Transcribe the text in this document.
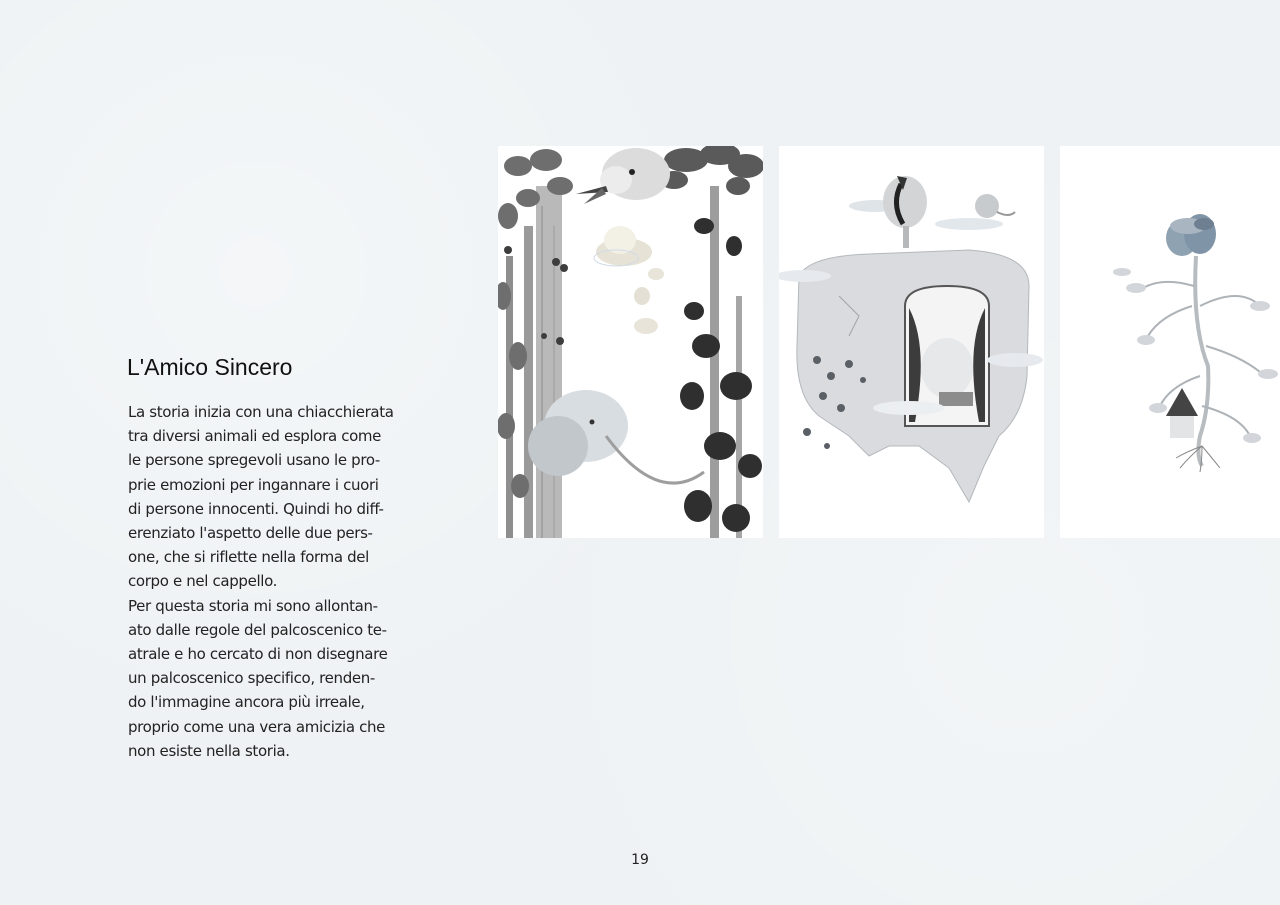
L'Amico Sincero
La storia inizia con una chiacchierata
tra diversi animali ed esplora come
le persone spregevoli usano le pro-
prie emozioni per ingannare i cuori
di persone innocenti. Quindi ho diff-
erenziato l'aspetto delle due pers-
one, che si riflette nella forma del
corpo e nel cappello.
Per questa storia mi sono allontan-
ato dalle regole del palcoscenico te-
atrale e ho cercato di non disegnare
un palcoscenico specifico, renden-
do l'immagine ancora più irreale,
proprio come una vera amicizia che
non esiste nella storia.
19
